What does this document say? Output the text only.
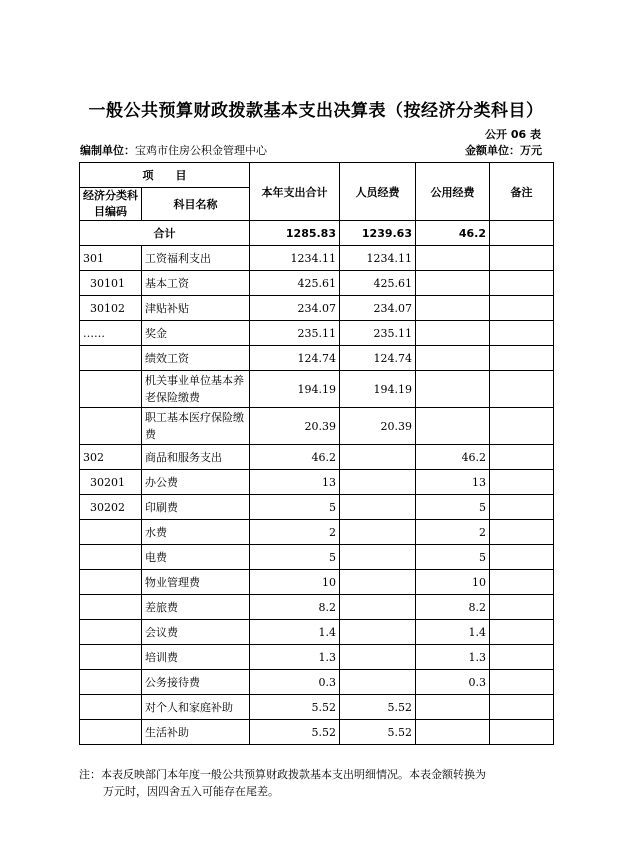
一般公共预算财政拨款基本支出决算表（按经济分类科目）
公开 06 表
编制单位：宝鸡市住房公积金管理中心	金额单位：万元
项　　目		本年支出合计	人员经费	公用经费	备注
经济分类科目编码	科目名称				
合计		1285.83	1239.63	46.2	
301	工资福利支出	1234.11	1234.11		
30101	基本工资	425.61	425.61		
30102	津贴补贴	234.07	234.07		
……	奖金	235.11	235.11		
	绩效工资	124.74	124.74		
	机关事业单位基本养老保险缴费	194.19	194.19		
	职工基本医疗保险缴费	20.39	20.39		
302	商品和服务支出	46.2		46.2	
30201	办公费	13		13	
30202	印刷费	5		5	
	水费	2		2	
	电费	5		5	
	物业管理费	10		10	
	差旅费	8.2		8.2	
	会议费	1.4		1.4	
	培训费	1.3		1.3	
	公务接待费	0.3		0.3	
	对个人和家庭补助	5.52	5.52		
	生活补助	5.52	5.52		
注：本表反映部门本年度一般公共预算财政拨款基本支出明细情况。本表金额转换为
万元时，因四舍五入可能存在尾差。
